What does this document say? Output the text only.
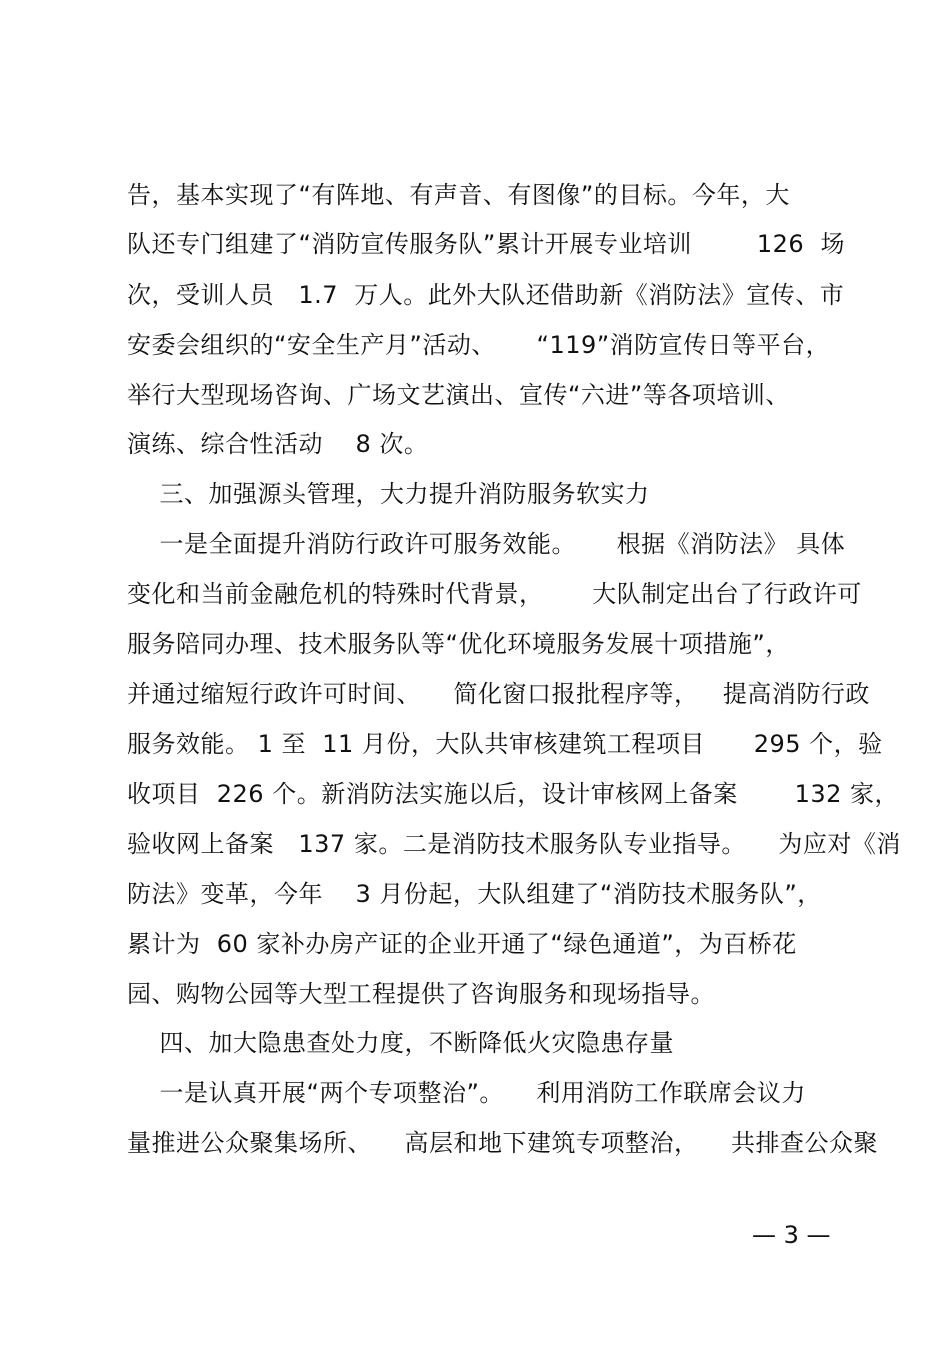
告，基本实现了“有阵地、有声音、有图像”的目标。今年，大
队还专门组建了“消防宣传服务队”累计开展专业培训        126  场
次，受训人员   1.7  万人。此外大队还借助新《消防法》宣传、市
安委会组织的“安全生产月”活动、     “119”消防宣传日等平台，
举行大型现场咨询、广场文艺演出、宣传“六进”等各项培训、
演练、综合性活动    8 次。
三、加强源头管理，大力提升消防服务软实力
一是全面提升消防行政许可服务效能。     根据《消防法》 具体
变化和当前金融危机的特殊时代背景，      大队制定出台了行政许可
服务陪同办理、技术服务队等“优化环境服务发展十项措施”，
并通过缩短行政许可时间、    简化窗口报批程序等，   提高消防行政
服务效能。 1 至  11 月份，大队共审核建筑工程项目      295 个，验
收项目  226 个。新消防法实施以后，设计审核网上备案       132 家，
验收网上备案   137 家。二是消防技术服务队专业指导。    为应对《消
防法》变革，今年    3 月份起，大队组建了“消防技术服务队”，
累计为  60 家补办房产证的企业开通了“绿色通道”，为百桥花
园、购物公园等大型工程提供了咨询服务和现场指导。
四、加大隐患查处力度，不断降低火灾隐患存量
一是认真开展“两个专项整治”。    利用消防工作联席会议力
量推进公众聚集场所、    高层和地下建筑专项整治，    共排查公众聚
— 3 —
